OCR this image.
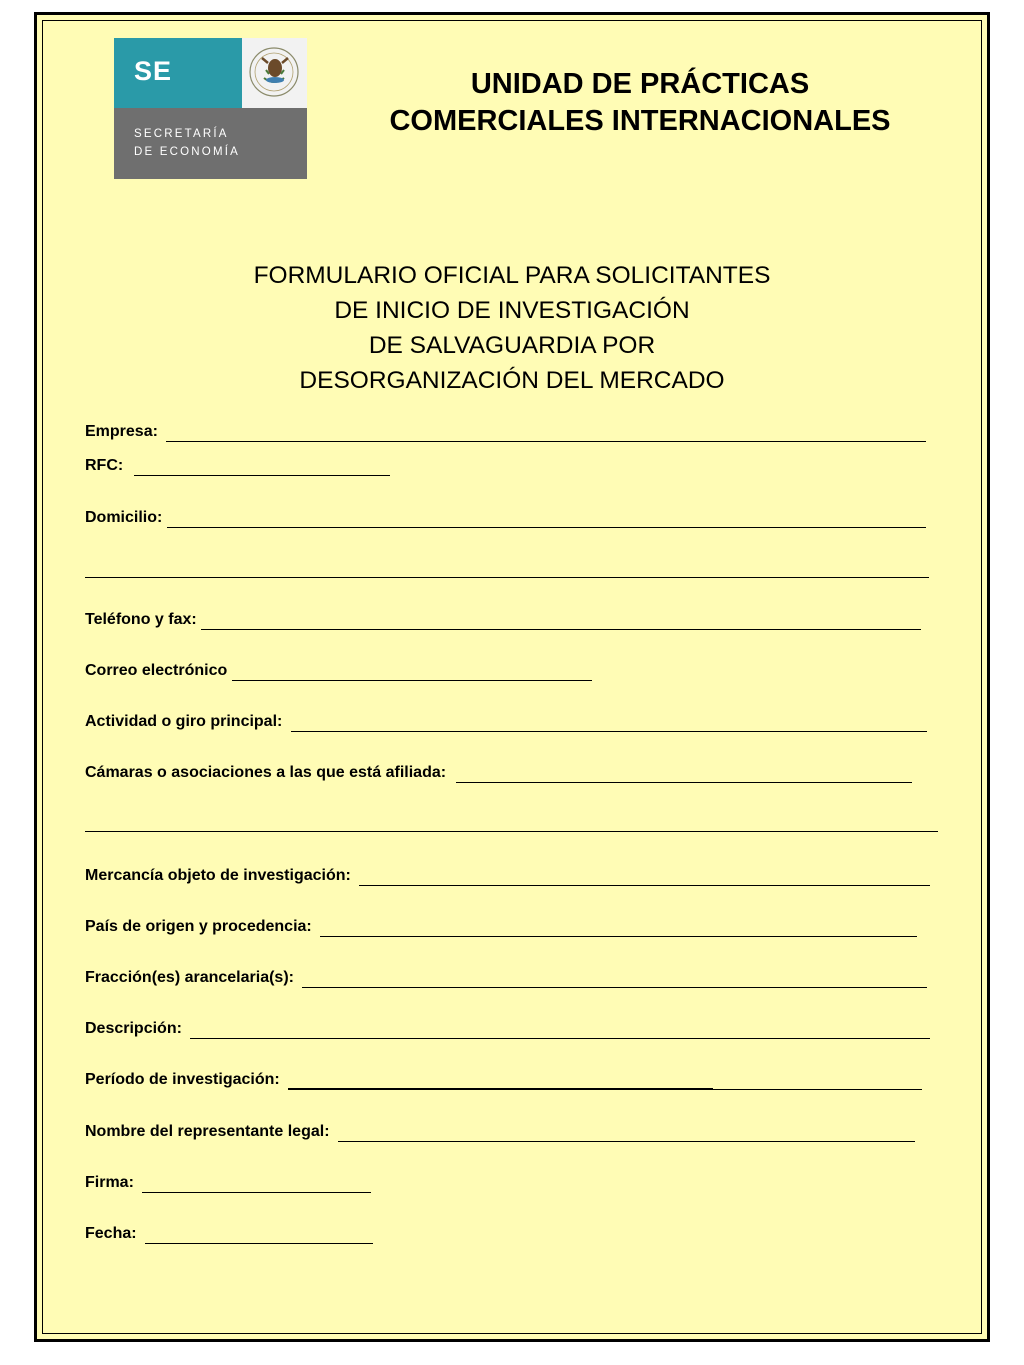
SE
SECRETARÍA
DE ECONOMÍA
UNIDAD DE PRÁCTICAS
COMERCIALES INTERNACIONALES
FORMULARIO OFICIAL PARA SOLICITANTES
DE INICIO DE INVESTIGACIÓN
DE SALVAGUARDIA POR
DESORGANIZACIÓN DEL MERCADO
Empresa:
RFC:
Domicilio:
Teléfono y fax:
Correo electrónico
Actividad o giro principal:
Cámaras o asociaciones a las que está afiliada:
Mercancía objeto de investigación:
País de origen y procedencia:
Fracción(es) arancelaria(s):
Descripción:
Período de investigación:
Nombre del representante legal:
Firma:
Fecha:
